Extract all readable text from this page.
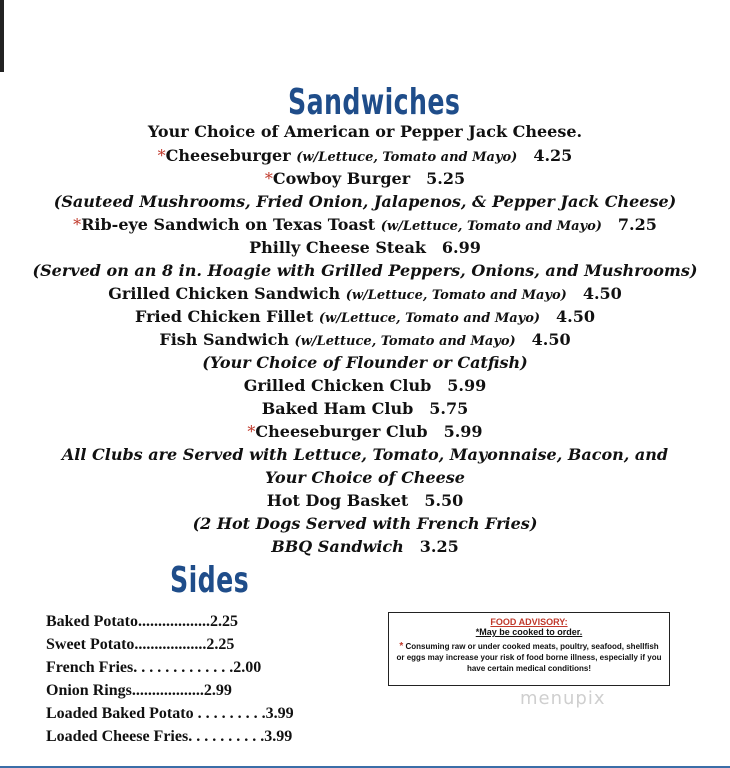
Sandwiches
Your Choice of American or Pepper Jack Cheese.
*Cheeseburger (w/Lettuce, Tomato and Mayo) 4.25
*Cowboy Burger 5.25
(Sauteed Mushrooms, Fried Onion, Jalapenos, & Pepper Jack Cheese)
*Rib-eye Sandwich on Texas Toast (w/Lettuce, Tomato and Mayo) 7.25
Philly Cheese Steak 6.99
(Served on an 8 in. Hoagie with Grilled Peppers, Onions, and Mushrooms)
Grilled Chicken Sandwich (w/Lettuce, Tomato and Mayo) 4.50
Fried Chicken Fillet (w/Lettuce, Tomato and Mayo) 4.50
Fish Sandwich (w/Lettuce, Tomato and Mayo) 4.50
(Your Choice of Flounder or Catfish)
Grilled Chicken Club 5.99
Baked Ham Club 5.75
*Cheeseburger Club 5.99
All Clubs are Served with Lettuce, Tomato, Mayonnaise, Bacon, and
Your Choice of Cheese
Hot Dog Basket 5.50
(2 Hot Dogs Served with French Fries)
BBQ Sandwich 3.25
Sides
Baked Potato..................2.25
Sweet Potato..................2.25
French Fries. . . . . . . . . . . . .2.00
Onion Rings..................2.99
Loaded Baked Potato . . . . . . . . .3.99
Loaded Cheese Fries. . . . . . . . . .3.99
FOOD ADVISORY:
*May be cooked to order.
* Consuming raw or under cooked meats, poultry, seafood, shellfish or eggs may increase your risk of food borne illness, especially if you have certain medical conditions!
menupix
